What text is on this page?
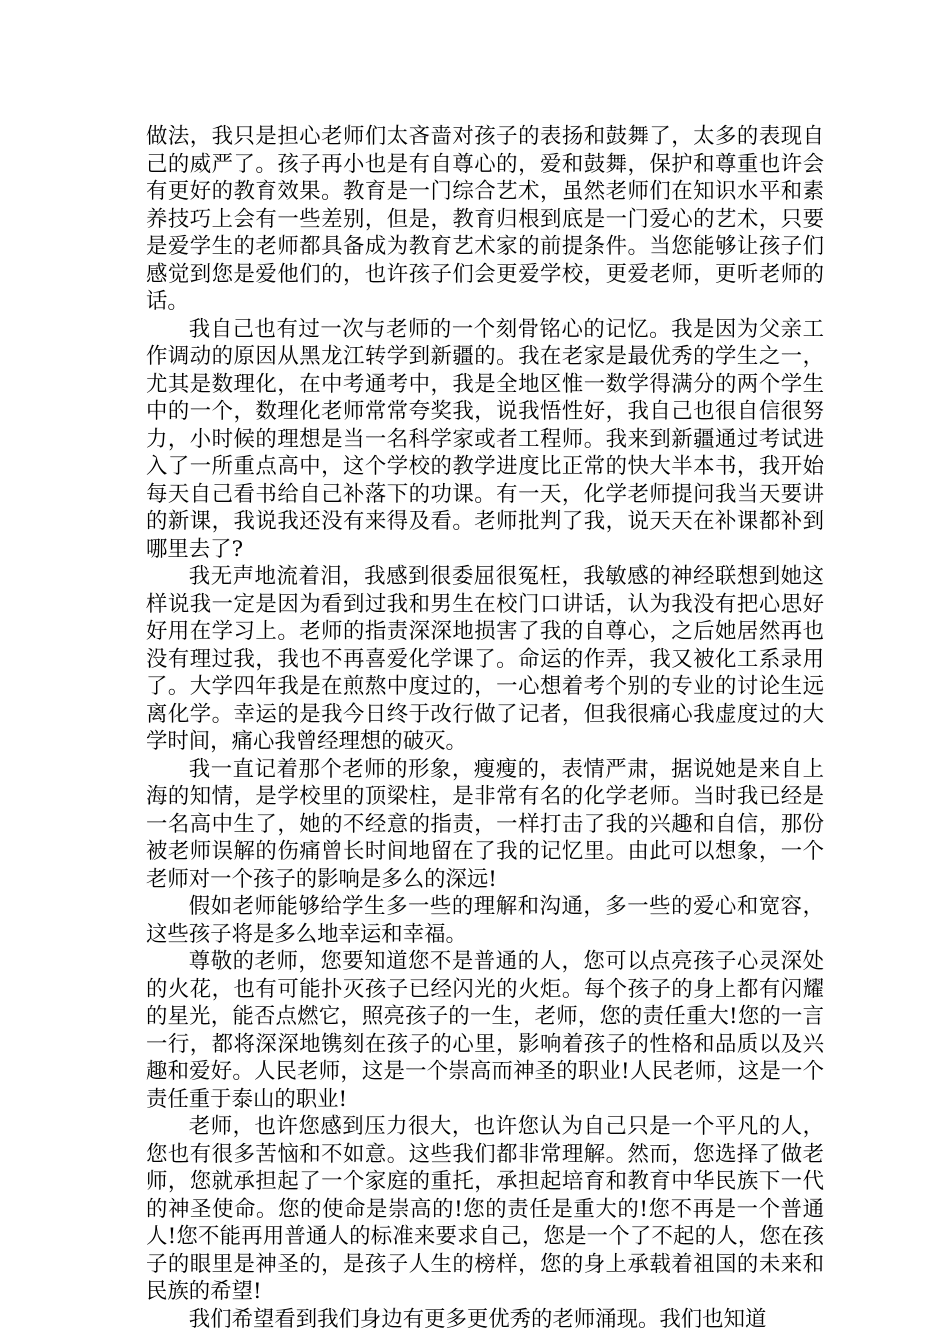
做法，我只是担心老师们太吝啬对孩子的表扬和鼓舞了，太多的表现自己的威严了。孩子再小也是有自尊心的，爱和鼓舞，保护和尊重也许会有更好的教育效果。教育是一门综合艺术，虽然老师们在知识水平和素养技巧上会有一些差别，但是，教育归根到底是一门爱心的艺术，只要是爱学生的老师都具备成为教育艺术家的前提条件。当您能够让孩子们感觉到您是爱他们的，也许孩子们会更爱学校，更爱老师，更听老师的话。

我自己也有过一次与老师的一个刻骨铭心的记忆。我是因为父亲工作调动的原因从黑龙江转学到新疆的。我在老家是最优秀的学生之一，尤其是数理化，在中考通考中，我是全地区惟一数学得满分的两个学生中的一个，数理化老师常常夸奖我，说我悟性好，我自己也很自信很努力，小时候的理想是当一名科学家或者工程师。我来到新疆通过考试进入了一所重点高中，这个学校的教学进度比正常的快大半本书，我开始每天自己看书给自己补落下的功课。有一天，化学老师提问我当天要讲的新课，我说我还没有来得及看。老师批判了我，说天天在补课都补到哪里去了?

我无声地流着泪，我感到很委屈很冤枉，我敏感的神经联想到她这样说我一定是因为看到过我和男生在校门口讲话，认为我没有把心思好好用在学习上。老师的指责深深地损害了我的自尊心，之后她居然再也没有理过我，我也不再喜爱化学课了。命运的作弄，我又被化工系录用了。大学四年我是在煎熬中度过的，一心想着考个别的专业的讨论生远离化学。幸运的是我今日终于改行做了记者，但我很痛心我虚度过的大学时间，痛心我曾经理想的破灭。

我一直记着那个老师的形象，瘦瘦的，表情严肃，据说她是来自上海的知情，是学校里的顶梁柱，是非常有名的化学老师。当时我已经是一名高中生了，她的不经意的指责，一样打击了我的兴趣和自信，那份被老师误解的伤痛曾长时间地留在了我的记忆里。由此可以想象，一个老师对一个孩子的影响是多么的深远!

假如老师能够给学生多一些的理解和沟通，多一些的爱心和宽容，这些孩子将是多么地幸运和幸福。

尊敬的老师，您要知道您不是普通的人，您可以点亮孩子心灵深处的火花，也有可能扑灭孩子已经闪光的火炬。每个孩子的身上都有闪耀的星光，能否点燃它，照亮孩子的一生，老师，您的责任重大!您的一言一行，都将深深地镌刻在孩子的心里，影响着孩子的性格和品质以及兴趣和爱好。人民老师，这是一个崇高而神圣的职业!人民老师，这是一个责任重于泰山的职业!

老师，也许您感到压力很大，也许您认为自己只是一个平凡的人，您也有很多苦恼和不如意。这些我们都非常理解。然而，您选择了做老师，您就承担起了一个家庭的重托，承担起培育和教育中华民族下一代的神圣使命。您的使命是崇高的!您的责任是重大的!您不再是一个普通人!您不能再用普通人的标准来要求自己，您是一个了不起的人，您在孩子的眼里是神圣的，是孩子人生的榜样，您的身上承载着祖国的未来和民族的希望!

我们希望看到我们身边有更多更优秀的老师涌现。我们也知道
